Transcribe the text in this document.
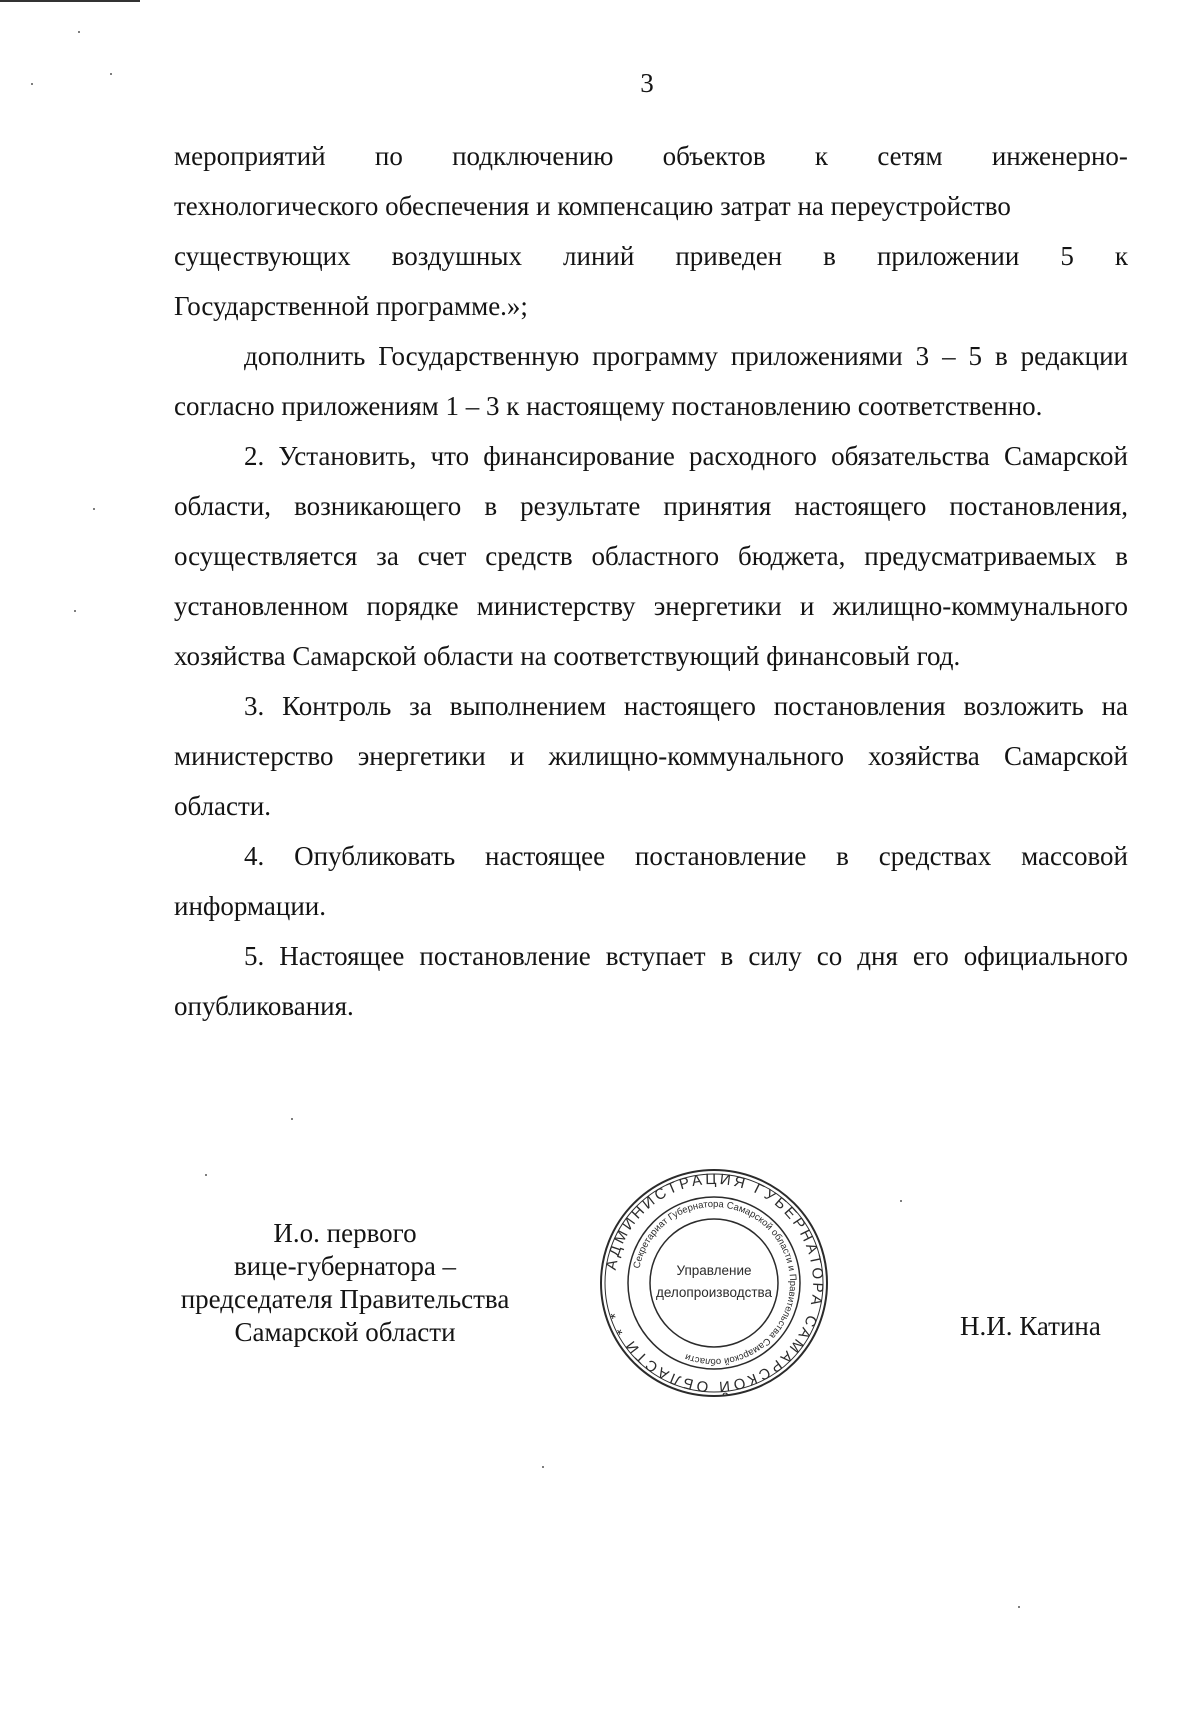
3

мероприятий по подключению объектов к сетям инженерно-
технологического обеспечения и компенсацию затрат на переустройство
существующих воздушных линий приведен в приложении 5 к
Государственной программе.»;

дополнить Государственную программу приложениями 3 – 5 в редакции согласно приложениям 1 – 3 к настоящему постановлению соответственно.

2. Установить, что финансирование расходного обязательства Самарской области, возникающего в результате принятия настоящего постановления, осуществляется за счет средств областного бюджета, предусматриваемых в установленном порядке министерству энергетики и жилищно-коммунального хозяйства Самарской области на соответствующий финансовый год.

3. Контроль за выполнением настоящего постановления возложить на министерство энергетики и жилищно-коммунального хозяйства Самарской области.

4. Опубликовать настоящее постановление в средствах массовой информации.

5. Настоящее постановление вступает в силу со дня его официального опубликования.

И.о. первого
вице-губернатора –
председателя Правительства
Самарской области
АДМИНИСТРАЦИЯ ГУБЕРНАТОРА САМАРСКОЙ ОБЛАСТИ * *
Секретариат Губернатора Самарской области и Правительства Самарской области
Управление
делопроизводства
Н.И. Катина
